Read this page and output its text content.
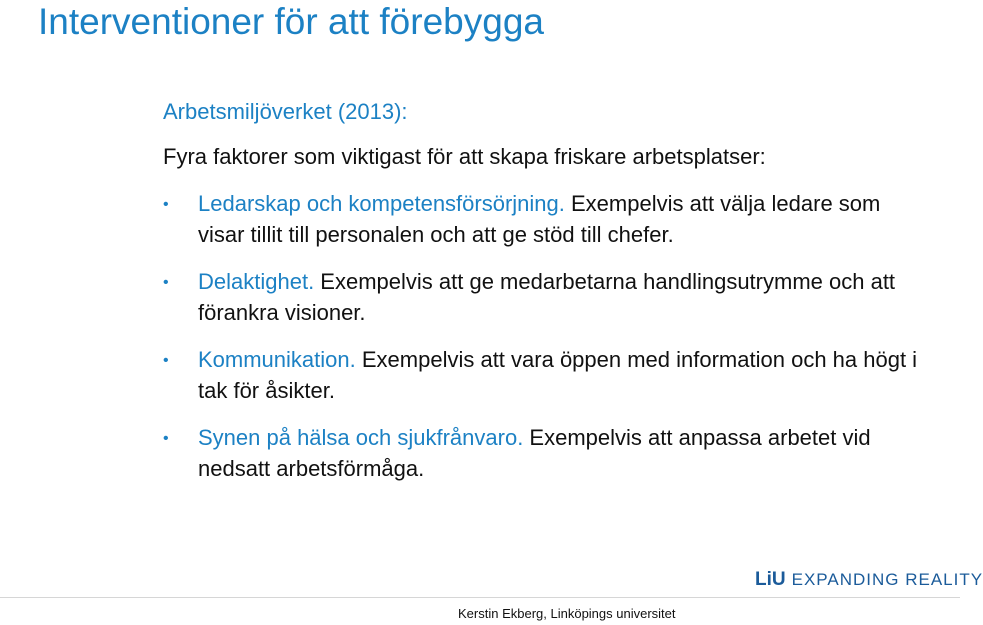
Interventioner för att förebygga
Arbetsmiljöverket (2013):
Fyra faktorer som viktigast för att skapa friskare arbetsplatser:
• Ledarskap och kompetensförsörjning. Exempelvis att välja ledare som visar tillit till personalen och att ge stöd till chefer.
• Delaktighet. Exempelvis att ge medarbetarna handlingsutrymme och att förankra visioner.
• Kommunikation. Exempelvis att vara öppen med information och ha högt i tak för åsikter.
• Synen på hälsa och sjukfrånvaro. Exempelvis att anpassa arbetet vid nedsatt arbetsförmåga.
LiU EXPANDING REALITY
Kerstin Ekberg, Linköpings universitet
